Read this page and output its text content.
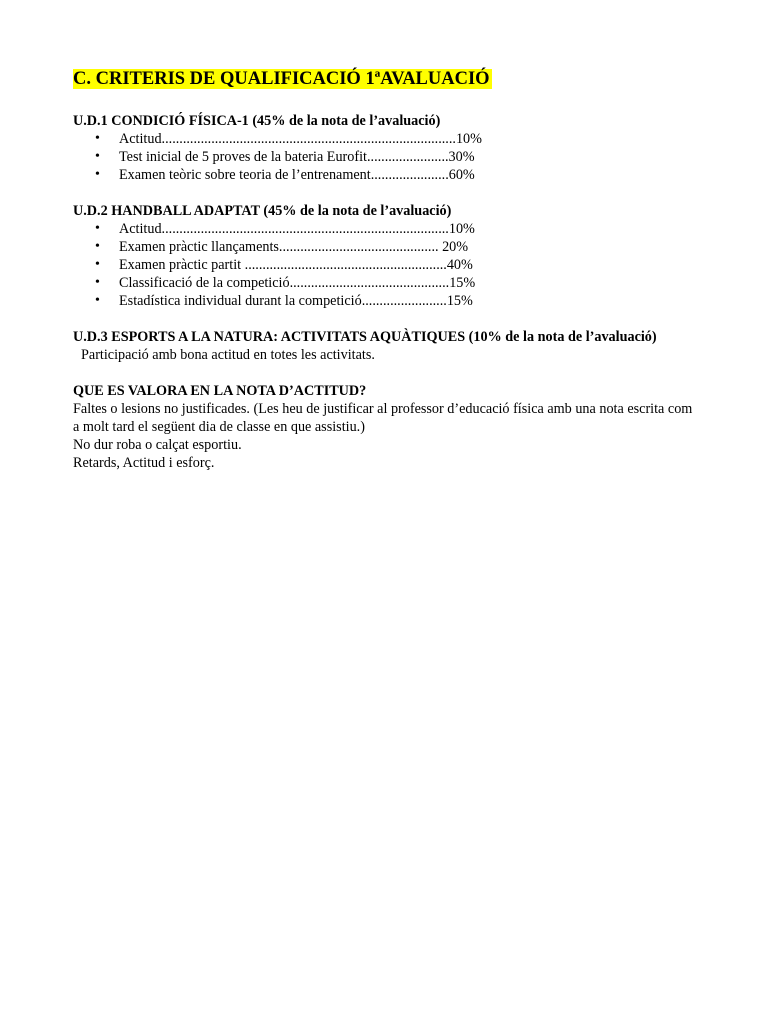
C. CRITERIS DE QUALIFICACIÓ 1ªAVALUACIÓ

U.D.1 CONDICIÓ FÍSICA-1 (45% de la nota de l’avaluació)

• Actitud...................................................................................10%
• Test inicial de 5 proves de la bateria Eurofit.......................30%
• Examen teòric sobre teoria de l’entrenament......................60%

U.D.2 HANDBALL ADAPTAT (45% de la nota de l’avaluació)

• Actitud.................................................................................10%
• Examen pràctic llançaments............................................. 20%
• Examen pràctic partit .........................................................40%
• Classificació de la competició.............................................15%
• Estadística individual durant la competició........................15%

U.D.3 ESPORTS A LA NATURA: ACTIVITATS AQUÀTIQUES (10% de la nota de l’avaluació)

Participació amb bona actitud en totes les activitats.

QUE ES VALORA EN LA NOTA D’ACTITUD?

Faltes o lesions no justificades. (Les heu de justificar al professor d’educació física amb una nota escrita com a molt tard el següent dia de classe en que assistiu.)

No dur roba o calçat esportiu.

Retards, Actitud i esforç.
